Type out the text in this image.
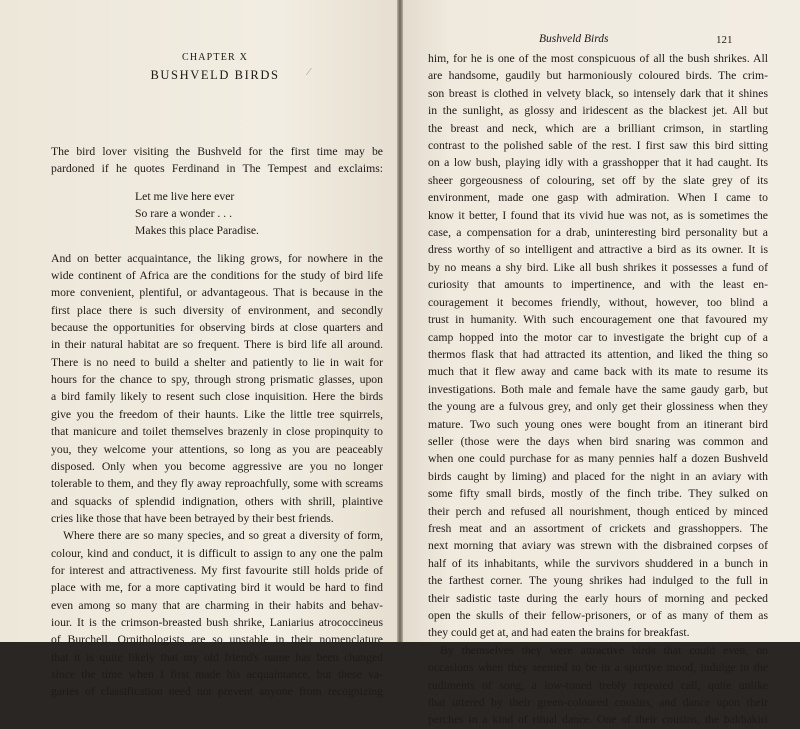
CHAPTER X
BUSHVELD BIRDS	⁄

The bird lover visiting the Bushveld for the first time may be

pardoned if he quotes Ferdinand in The Tempest and exclaims:

Let me live here ever

So rare a wonder . . .

Makes this place Paradise.

And on better acquaintance, the liking grows, for nowhere in the

wide continent of Africa are the conditions for the study of bird life

more convenient, plentiful, or advantageous. That is because in the

first place there is such diversity of environment, and secondly

because the opportunities for observing birds at close quarters and

in their natural habitat are so frequent. There is bird life all around.

There is no need to build a shelter and patiently to lie in wait for

hours for the chance to spy, through strong prismatic glasses, upon

a bird family likely to resent such close inquisition. Here the birds

give you the freedom of their haunts. Like the little tree squirrels,

that manicure and toilet themselves brazenly in close propinquity to

you, they welcome your attentions, so long as you are peaceably

disposed. Only when you become aggressive are you no longer

tolerable to them, and they fly away reproachfully, some with screams

and squacks of splendid indignation, others with shrill, plaintive

cries like those that have been betrayed by their best friends.

Where there are so many species, and so great a diversity of form,

colour, kind and conduct, it is difficult to assign to any one the palm

for interest and attractiveness. My first favourite still holds pride of

place with me, for a more captivating bird it would be hard to find

even among so many that are charming in their habits and behav-

iour. It is the crimson-breasted bush shrike, Laniarius atrococcineus

of Burchell. Ornithologists are so unstable in their nomenclature

that it is quite likely that my old friend's name has been changed

since the time when I first made his acquaintance, but these va-

garies of classification need not prevent anyone from recognizing

Bushveld Birds	121

him, for he is one of the most conspicuous of all the bush shrikes. All

are handsome, gaudily but harmoniously coloured birds. The crim-

son breast is clothed in velvety black, so intensely dark that it shines

in the sunlight, as glossy and iridescent as the blackest jet. All but

the breast and neck, which are a brilliant crimson, in startling

contrast to the polished sable of the rest. I first saw this bird sitting

on a low bush, playing idly with a grasshopper that it had caught. Its

sheer gorgeousness of colouring, set off by the slate grey of its

environment, made one gasp with admiration. When I came to

know it better, I found that its vivid hue was not, as is sometimes the

case, a compensation for a drab, uninteresting bird personality but a

dress worthy of so intelligent and attractive a bird as its owner. It is

by no means a shy bird. Like all bush shrikes it possesses a fund of

curiosity that amounts to impertinence, and with the least en-

couragement it becomes friendly, without, however, too blind a

trust in humanity. With such encouragement one that favoured my

camp hopped into the motor car to investigate the bright cup of a

thermos flask that had attracted its attention, and liked the thing so

much that it flew away and came back with its mate to resume its

investigations. Both male and female have the same gaudy garb, but

the young are a fulvous grey, and only get their glossiness when they

mature. Two such young ones were bought from an itinerant bird

seller (those were the days when bird snaring was common and

when one could purchase for as many pennies half a dozen Bushveld

birds caught by liming) and placed for the night in an aviary with

some fifty small birds, mostly of the finch tribe. They sulked on

their perch and refused all nourishment, though enticed by minced

fresh meat and an assortment of crickets and grasshoppers. The

next morning that aviary was strewn with the disbrained corpses of

half of its inhabitants, while the survivors shuddered in a bunch in

the farthest corner. The young shrikes had indulged to the full in

their sadistic taste during the early hours of morning and pecked

open the skulls of their fellow-prisoners, or of as many of them as

they could get at, and had eaten the brains for breakfast.

By themselves they were attractive birds that could even, on

occasions when they seemed to be in a sportive mood, indulge in the

rudiments of song, a low-toned trebly repeated call, quite unlike

that uttered by their green-coloured cousins, and dance upon their

perches in a kind of ritual dance. One of their cousins, the bakbakiri
